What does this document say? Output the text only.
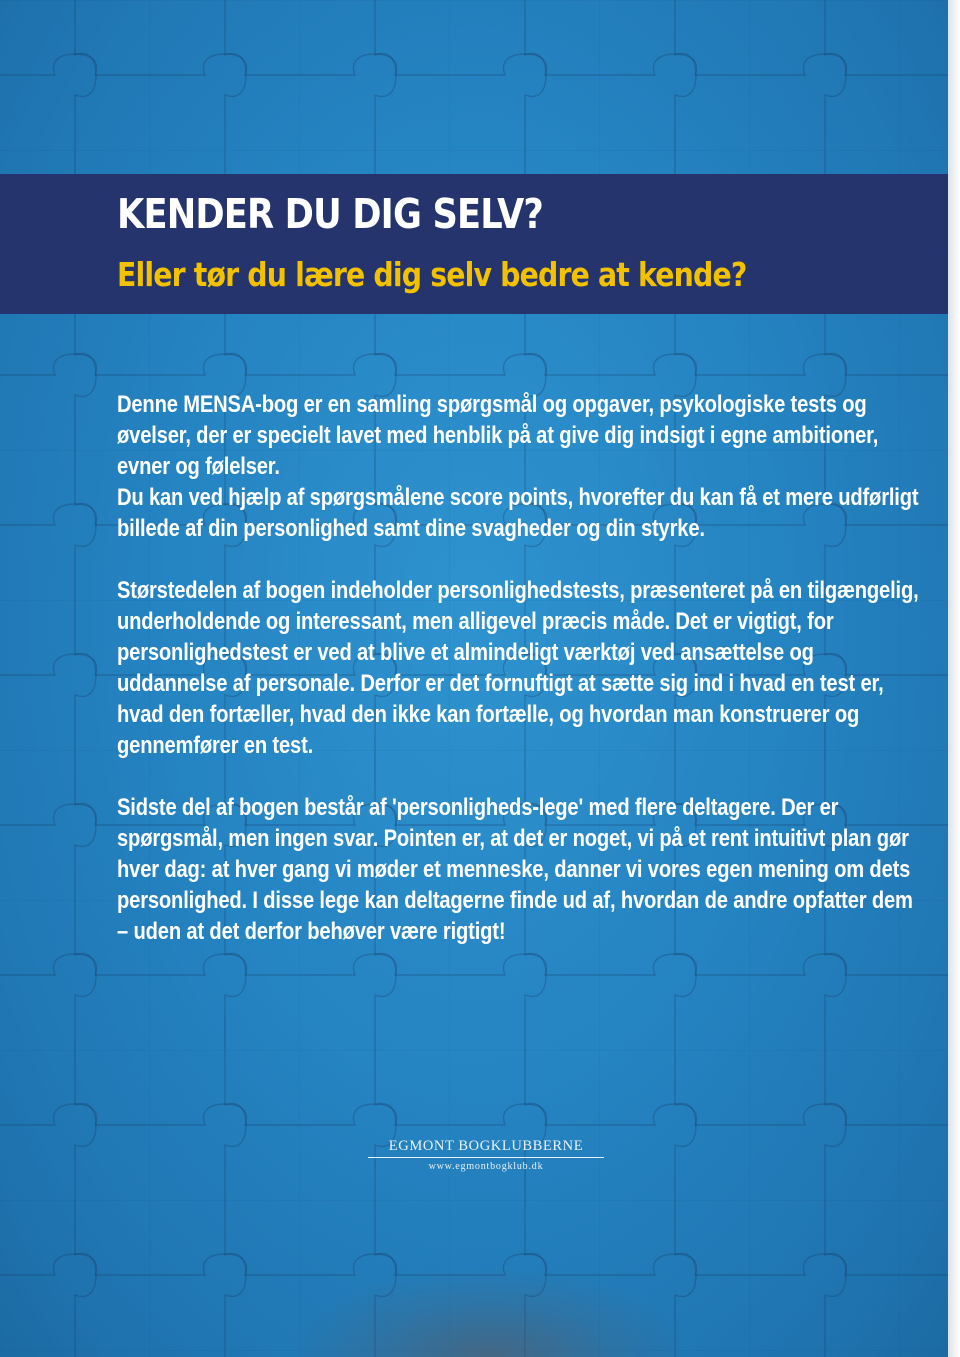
KENDER DU DIG SELV?
Eller tør du lære dig selv bedre at kende?

Denne MENSA-bog er en samling spørgsmål og opgaver, psykologiske tests og
øvelser, der er specielt lavet med henblik på at give dig indsigt i egne ambitioner,
evner og følelser.
Du kan ved hjælp af spørgsmålene score points, hvorefter du kan få et mere udførligt
billede af din personlighed samt dine svagheder og din styrke.

Størstedelen af bogen indeholder personlighedstests, præsenteret på en tilgængelig,
underholdende og interessant, men alligevel præcis måde. Det er vigtigt, for
personlighedstest er ved at blive et almindeligt værktøj ved ansættelse og
uddannelse af personale. Derfor er det fornuftigt at sætte sig ind i hvad en test er,
hvad den fortæller, hvad den ikke kan fortælle, og hvordan man konstruerer og
gennemfører en test.

Sidste del af bogen består af 'personligheds-lege' med flere deltagere. Der er
spørgsmål, men ingen svar. Pointen er, at det er noget, vi på et rent intuitivt plan gør
hver dag: at hver gang vi møder et menneske, danner vi vores egen mening om dets
personlighed. I disse lege kan deltagerne finde ud af, hvordan de andre opfatter dem
– uden at det derfor behøver være rigtigt!

EGMONT BOGKLUBBERNE
www.egmontbogklub.dk
